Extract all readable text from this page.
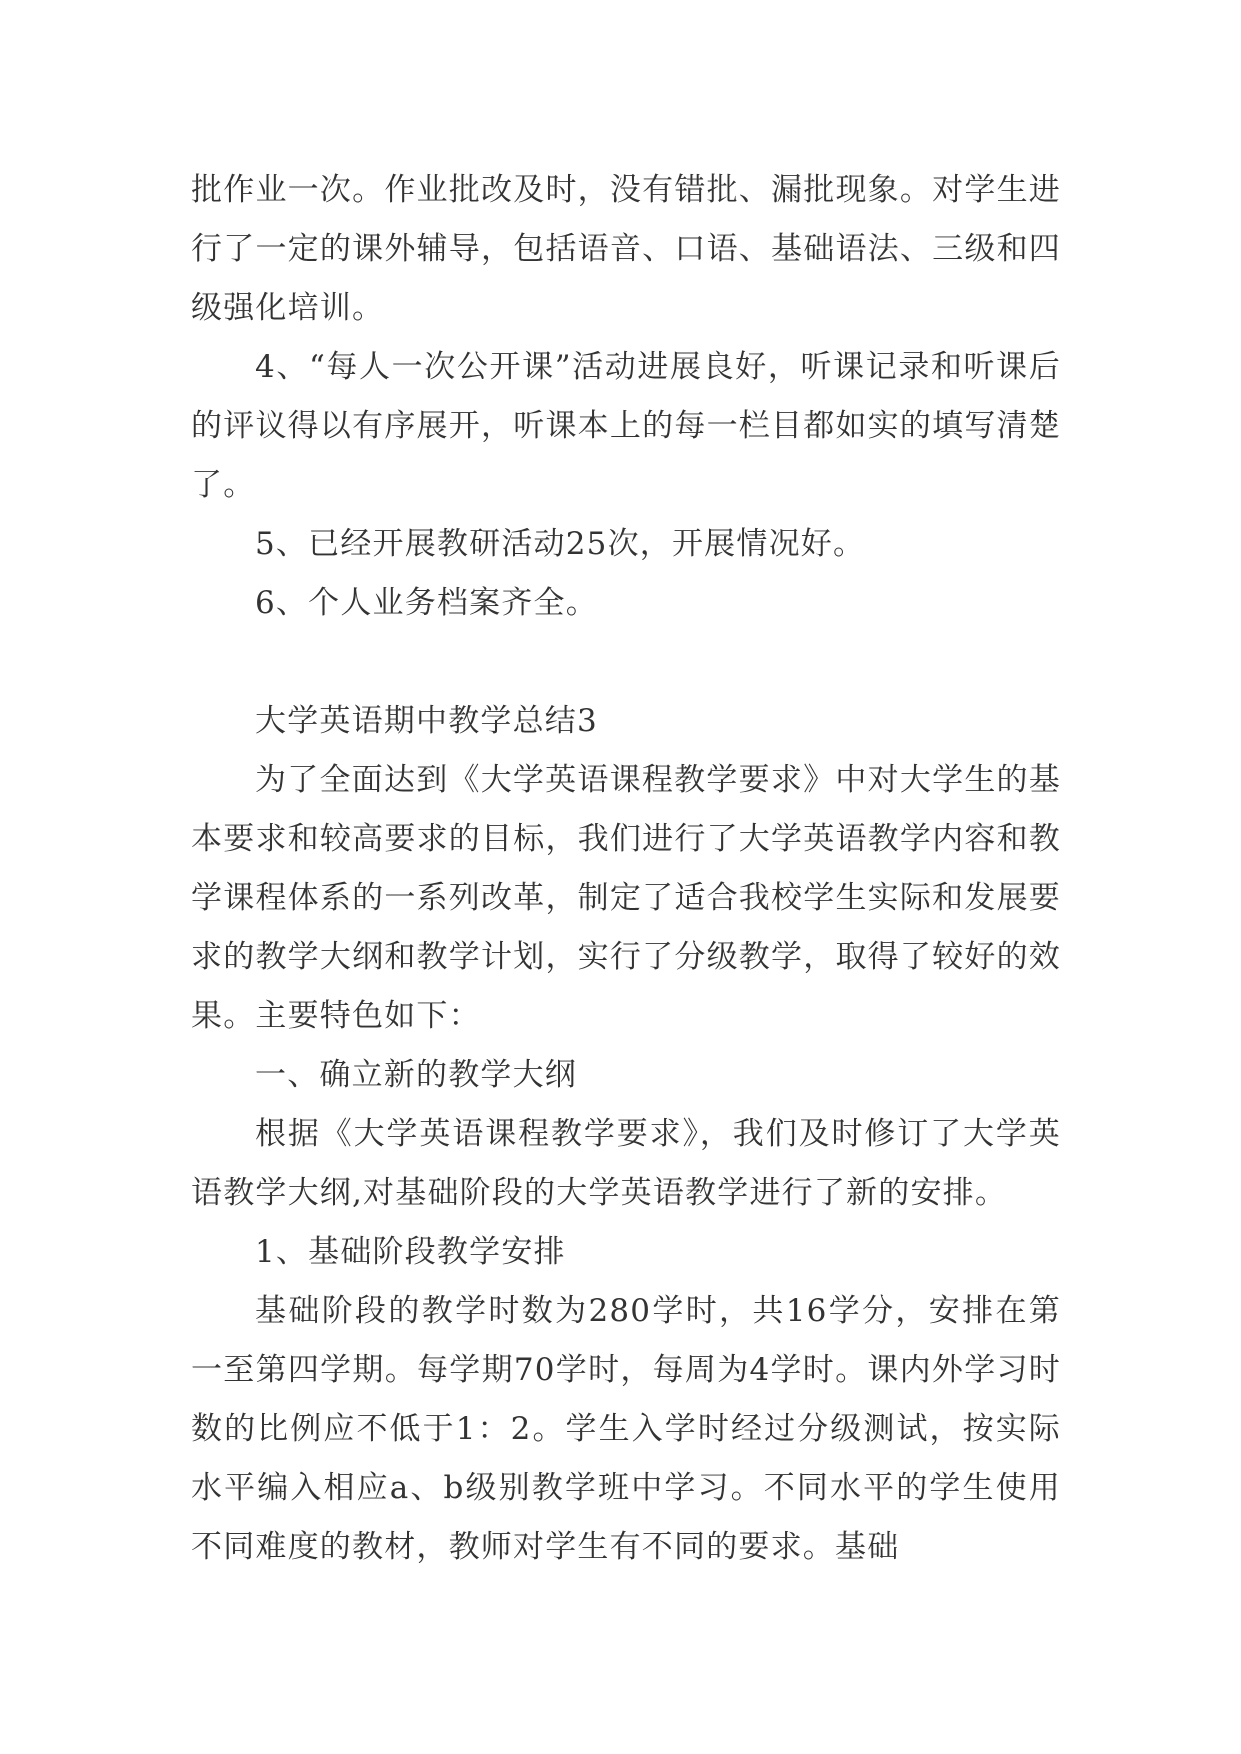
批作业一次。作业批改及时，没有错批、漏批现象。对学生进行了一定的课外辅导，包括语音、口语、基础语法、三级和四级强化培训。

4、“每人一次公开课”活动进展良好，听课记录和听课后的评议得以有序展开，听课本上的每一栏目都如实的填写清楚了。

5、已经开展教研活动25次，开展情况好。

6、个人业务档案齐全。

大学英语期中教学总结3

为了全面达到《大学英语课程教学要求》中对大学生的基本要求和较高要求的目标，我们进行了大学英语教学内容和教学课程体系的一系列改革，制定了适合我校学生实际和发展要求的教学大纲和教学计划，实行了分级教学，取得了较好的效果。主要特色如下：

一、确立新的教学大纲

根据《大学英语课程教学要求》，我们及时修订了大学英语教学大纲,对基础阶段的大学英语教学进行了新的安排。

1、基础阶段教学安排

基础阶段的教学时数为280学时，共16学分，安排在第一至第四学期。每学期70学时，每周为4学时。课内外学习时数的比例应不低于1：2。学生入学时经过分级测试，按实际水平编入相应a、b级别教学班中学习。不同水平的学生使用不同难度的教材，教师对学生有不同的要求。基础
